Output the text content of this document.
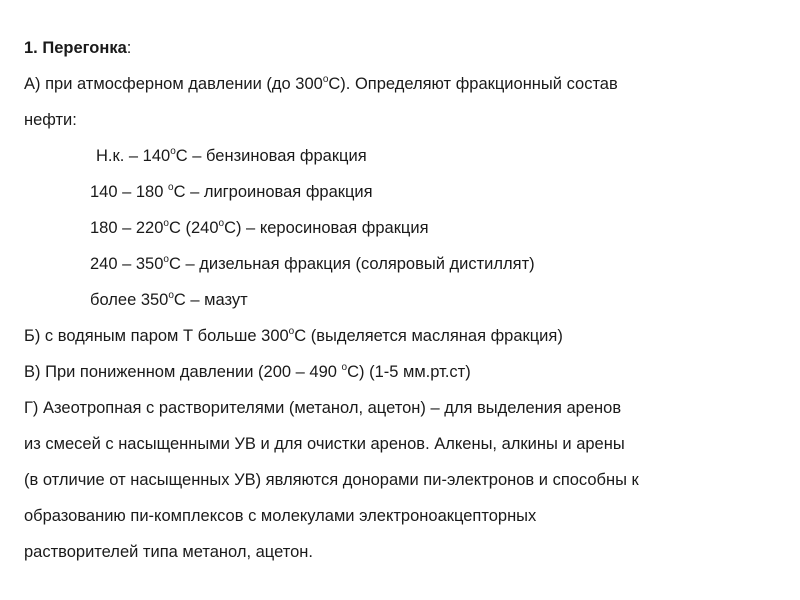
1. Перегонка:

А) при атмосферном давлении (до $300^оС$). Определяют фракционный состав

нефти:

Н.к. – $140^оС$ – бензиновая фракция

140 – 180 $^о$С – лигроиновая фракция

$180 - 220^оС$ $(240^оС)$ – керосиновая фракция

$240 - 350^оС$ – дизельная фракция (соляровый дистиллят)

более $350^оС$ – мазут

Б) с водяным паром Т больше $300^оС$ (выделяется масляная фракция)

В) При пониженном давлении (200 – 490 $^о$С) (1-5 мм.рт.ст)

Г) Азеотропная с растворителями (метанол, ацетон) – для выделения аренов

из смесей с насыщенными УВ и для очистки аренов. Алкены, алкины и арены

(в отличие от насыщенных УВ) являются донорами пи-электронов и способны к

образованию пи-комплексов с молекулами электроноакцепторных

растворителей типа метанол, ацетон.
